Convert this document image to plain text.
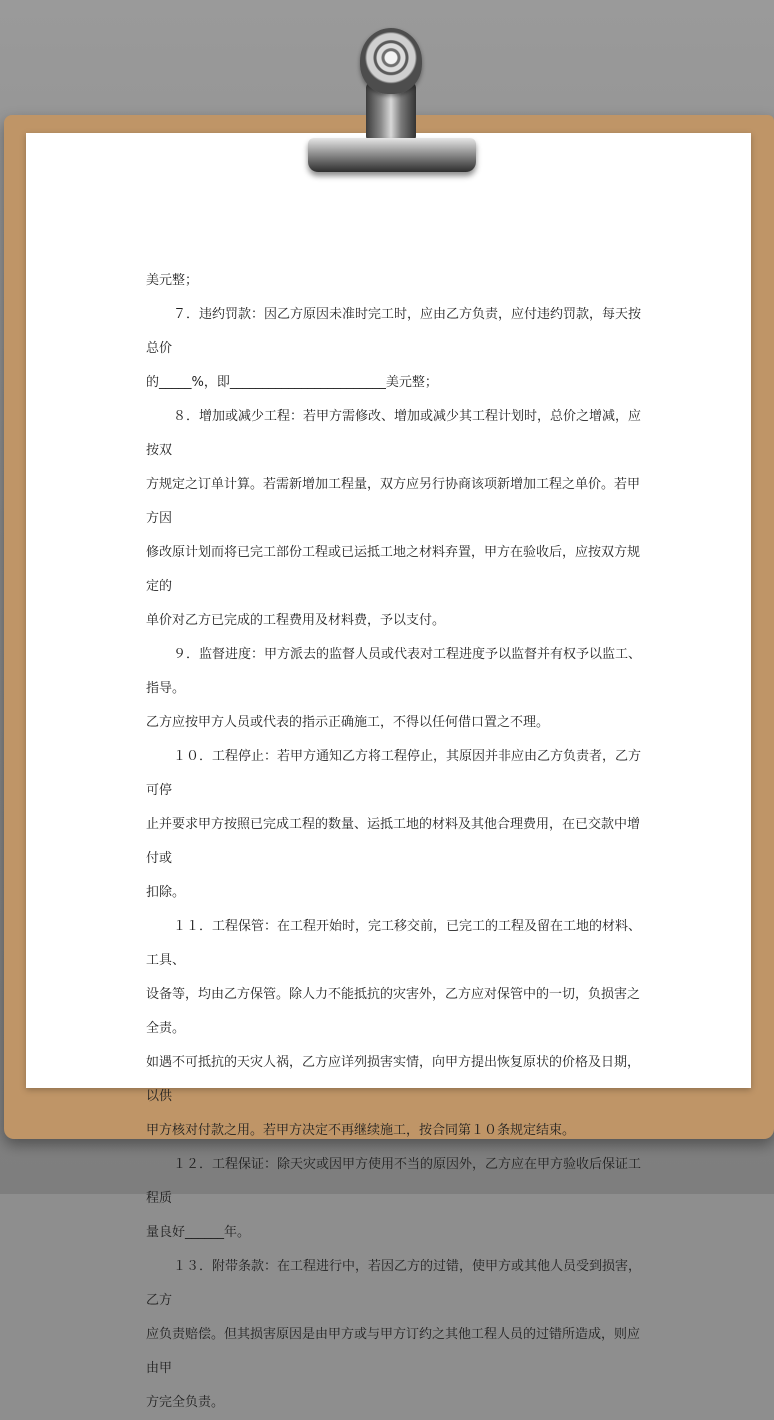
美元整；

７．违约罚款：因乙方原因未准时完工时，应由乙方负责，应付违约罚款，每天按总价

的_____%，即________________________美元整；

８．增加或减少工程：若甲方需修改、增加或减少其工程计划时，总价之增减，应按双

方规定之订单计算。若需新增加工程量，双方应另行协商该项新增加工程之单价。若甲方因

修改原计划而将已完工部份工程或已运抵工地之材料弃置，甲方在验收后，应按双方规定的

单价对乙方已完成的工程费用及材料费，予以支付。

９．监督进度：甲方派去的监督人员或代表对工程进度予以监督并有权予以监工、指导。

乙方应按甲方人员或代表的指示正确施工，不得以任何借口置之不理。

１０．工程停止：若甲方通知乙方将工程停止，其原因并非应由乙方负责者，乙方可停

止并要求甲方按照已完成工程的数量、运抵工地的材料及其他合理费用，在已交款中增付或

扣除。

１１．工程保管：在工程开始时，完工移交前，已完工的工程及留在工地的材料、工具、

设备等，均由乙方保管。除人力不能抵抗的灾害外，乙方应对保管中的一切，负损害之全责。

如遇不可抵抗的天灾人祸，乙方应详列损害实情，向甲方提出恢复原状的价格及日期，以供

甲方核对付款之用。若甲方决定不再继续施工，按合同第１０条规定结束。

１２．工程保证：除天灾或因甲方使用不当的原因外，乙方应在甲方验收后保证工程质

量良好______年。

１３．附带条款：在工程进行中，若因乙方的过错，使甲方或其他人员受到损害，乙方

应负责赔偿。但其损害原因是由甲方或与甲方订约之其他工程人员的过错所造成，则应由甲

方完全负责。
